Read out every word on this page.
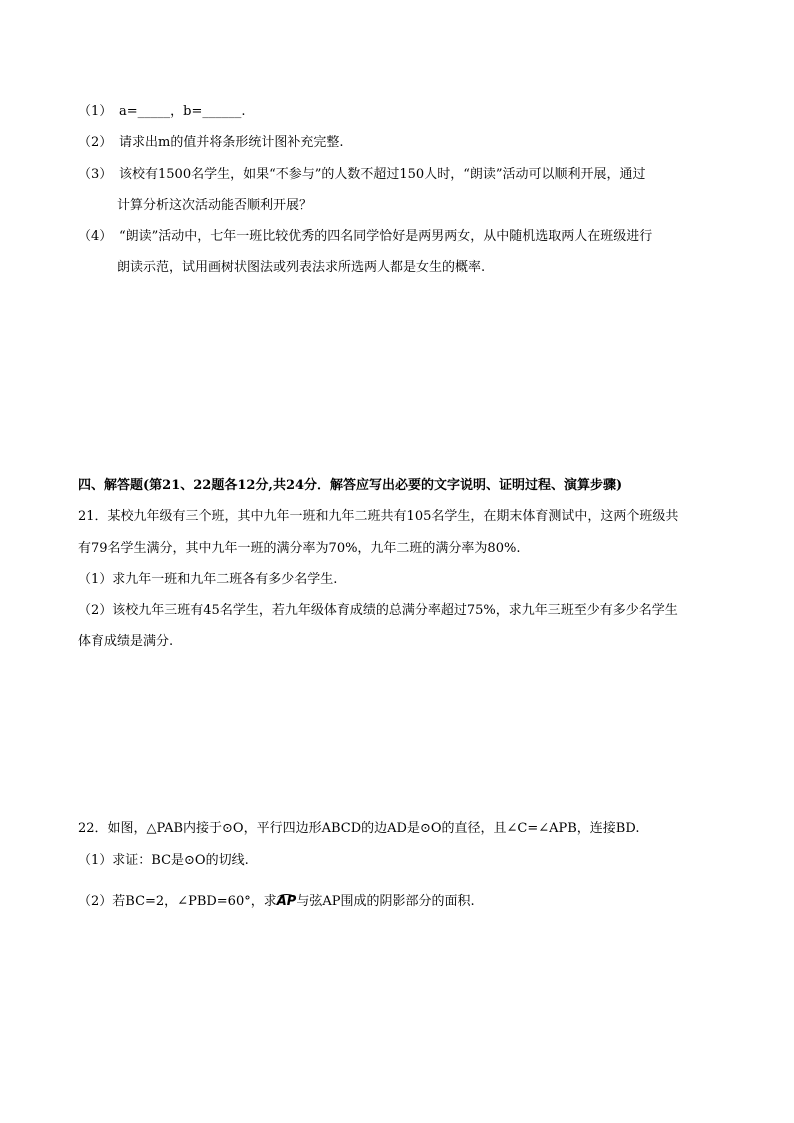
（1） a=_____，b=______.
（2） 请求出m的值并将条形统计图补充完整.
（3） 该校有1500名学生，如果“不参与”的人数不超过150人时，“朗读”活动可以顺利开展，通过
计算分析这次活动能否顺利开展？
（4） “朗读”活动中，七年一班比较优秀的四名同学恰好是两男两女，从中随机选取两人在班级进行
朗读示范，试用画树状图法或列表法求所选两人都是女生的概率.
四、解答题(第21、22题各12分,共24分．解答应写出必要的文字说明、证明过程、演算步骤)
21．某校九年级有三个班，其中九年一班和九年二班共有105名学生，在期末体育测试中，这两个班级共
有79名学生满分，其中九年一班的满分率为70%，九年二班的满分率为80%.
（1）求九年一班和九年二班各有多少名学生.
（2）该校九年三班有45名学生，若九年级体育成绩的总满分率超过75%，求九年三班至少有多少名学生
体育成绩是满分.
22．如图，△PAB内接于⊙O，平行四边形ABCD的边AD是⊙O的直径，且∠C=∠APB，连接BD.
（1）求证：BC是⊙O的切线.
（2）若BC=2，∠PBD=60°，求AP与弦AP围成的阴影部分的面积.
